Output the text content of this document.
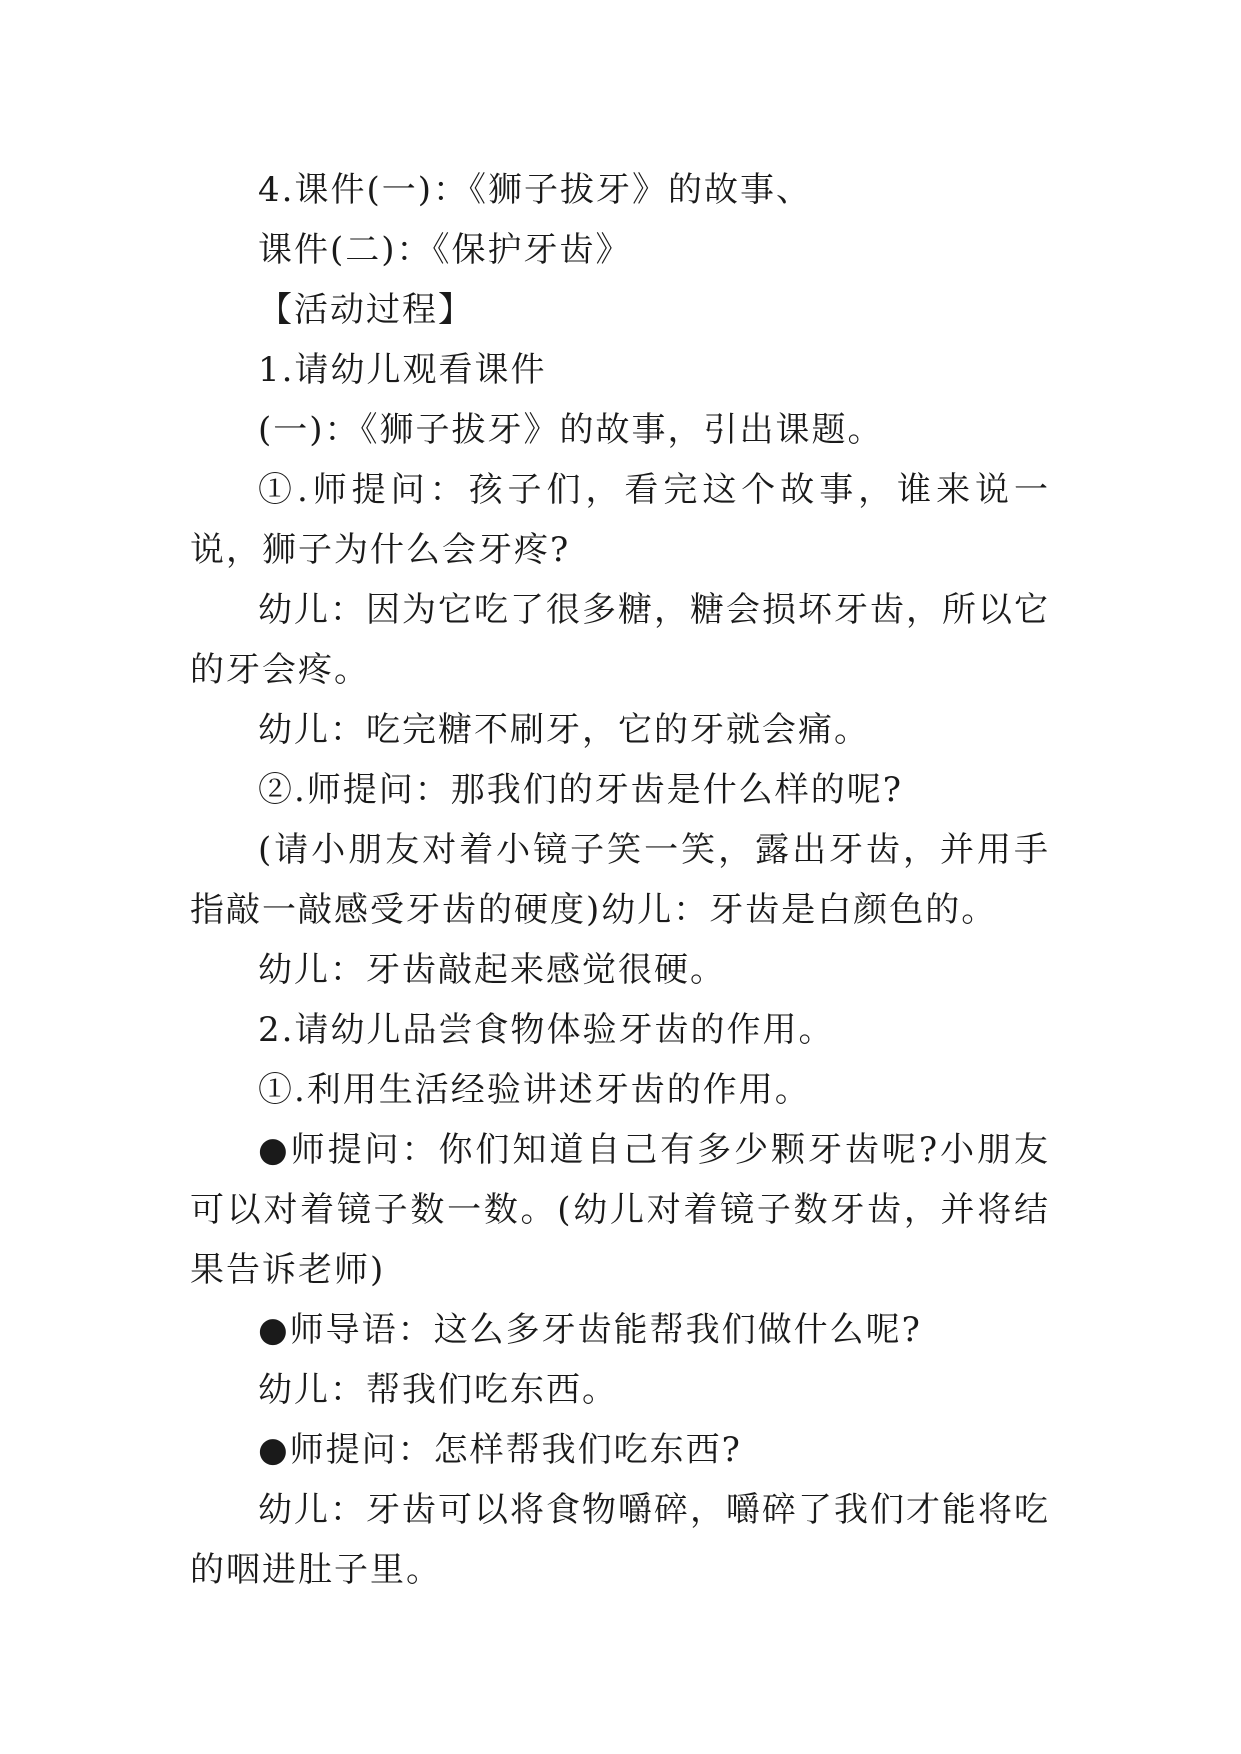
4.课件(一)：《狮子拔牙》的故事、

课件(二)：《保护牙齿》

【活动过程】

1.请幼儿观看课件

(一)：《狮子拔牙》的故事，引出课题。

①.师提问：孩子们，看完这个故事，谁来说一说，狮子为什么会牙疼?

幼儿：因为它吃了很多糖，糖会损坏牙齿，所以它的牙会疼。

幼儿：吃完糖不刷牙，它的牙就会痛。

②.师提问：那我们的牙齿是什么样的呢?

(请小朋友对着小镜子笑一笑，露出牙齿，并用手指敲一敲感受牙齿的硬度)幼儿：牙齿是白颜色的。

幼儿：牙齿敲起来感觉很硬。

2.请幼儿品尝食物体验牙齿的作用。

①.利用生活经验讲述牙齿的作用。

●师提问：你们知道自己有多少颗牙齿呢?小朋友可以对着镜子数一数。(幼儿对着镜子数牙齿，并将结果告诉老师)

●师导语：这么多牙齿能帮我们做什么呢?

幼儿：帮我们吃东西。

●师提问：怎样帮我们吃东西?

幼儿：牙齿可以将食物嚼碎，嚼碎了我们才能将吃的咽进肚子里。
